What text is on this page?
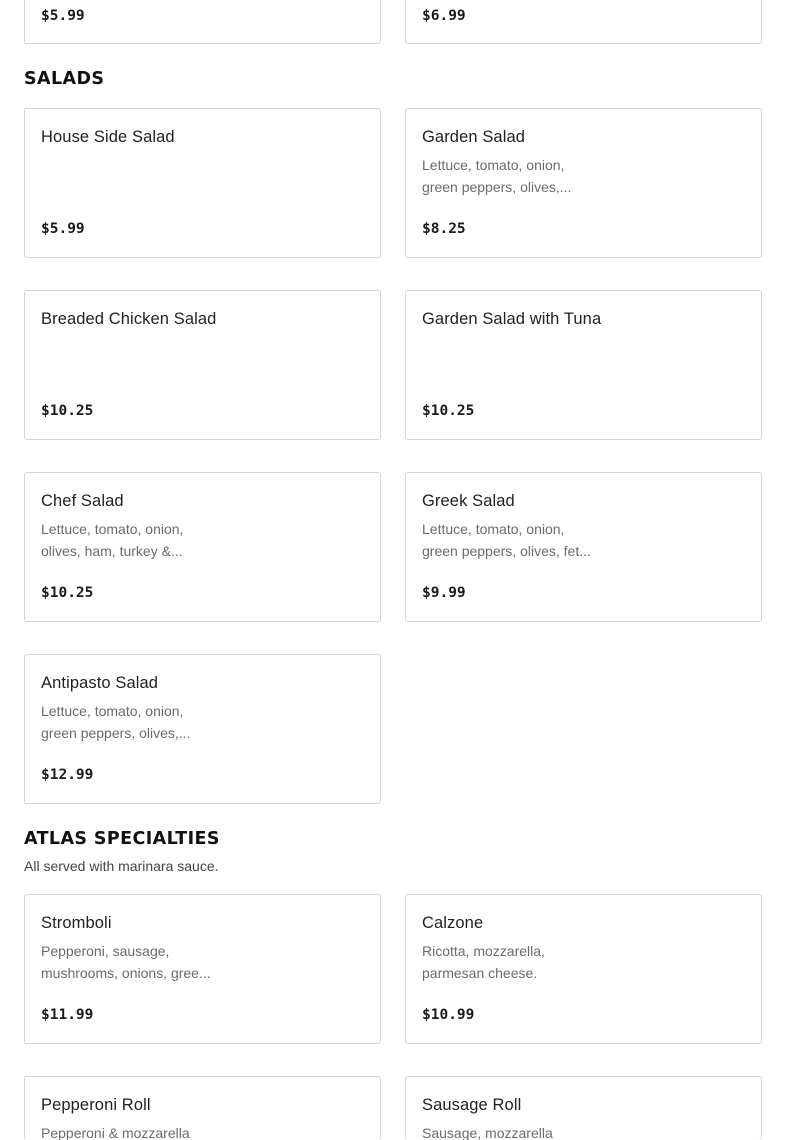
$5.99	$6.99
SALADS
House Side Salad
$5.99
Garden Salad
Lettuce, tomato, onion,
green peppers, olives,...
$8.25
Breaded Chicken Salad
$10.25
Garden Salad with Tuna
$10.25
Chef Salad
Lettuce, tomato, onion,
olives, ham, turkey &...
$10.25
Greek Salad
Lettuce, tomato, onion,
green peppers, olives, fet...
$9.99
Antipasto Salad
Lettuce, tomato, onion,
green peppers, olives,...
$12.99
ATLAS SPECIALTIES
All served with marinara sauce.
Stromboli
Pepperoni, sausage,
mushrooms, onions, gree...
$11.99
Calzone
Ricotta, mozzarella,
parmesan cheese.
$10.99
Pepperoni Roll
Pepperoni & mozzarella
Sausage Roll
Sausage, mozzarella
